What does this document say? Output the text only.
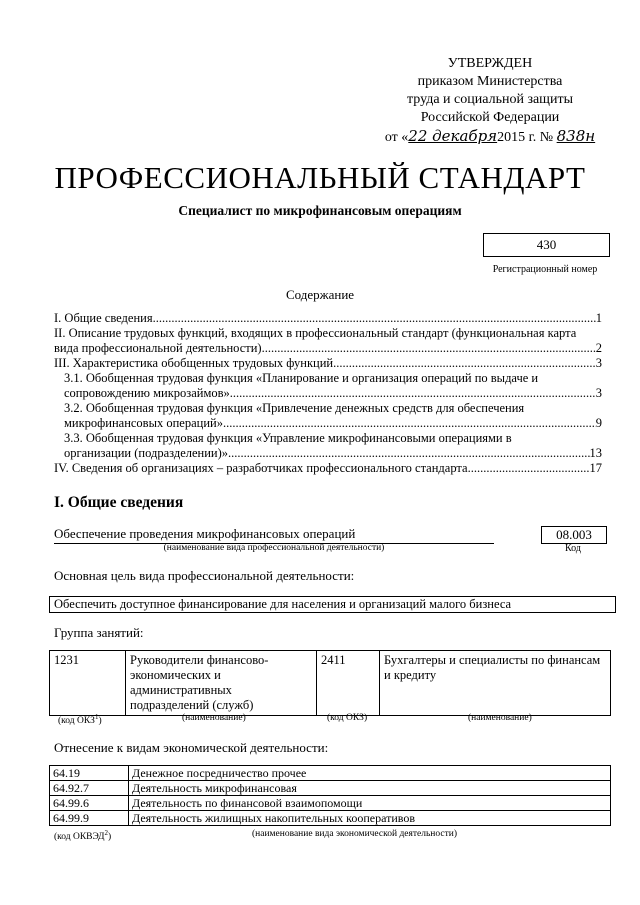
УТВЕРЖДЕН
приказом Министерства
труда и социальной защиты
Российской Федерации
от «22 декабря2015 г. № 838н
ПРОФЕССИОНАЛЬНЫЙ СТАНДАРТ
Специалист по микрофинансовым операциям
430
Регистрационный номер
Содержание
I. Общие сведения .....	1
II. Описание трудовых функций, входящих в профессиональный стандарт (функциональная карта
вида профессиональной деятельности) .....	2
III. Характеристика обобщенных трудовых функций .....	3
3.1. Обобщенная трудовая функция «Планирование и организация операций по выдаче и
сопровождению микрозаймов» .....	3
3.2. Обобщенная трудовая функция «Привлечение денежных средств для обеспечения
микрофинансовых операций» .....	9
3.3. Обобщенная трудовая функция «Управление микрофинансовыми операциями в
организации (подразделении)» .....	13
IV. Сведения об организациях – разработчиках профессионального стандарта .....	17
I. Общие сведения
Обеспечение проведения микрофинансовых операций
(наименование вида профессиональной деятельности)
08.003
Код
Основная цель вида профессиональной деятельности:
Обеспечить доступное финансирование для населения и организаций малого бизнеса
Группа занятий:
1231	Руководители финансово-экономических и административных подразделений (служб)	2411	Бухгалтеры и специалисты по финансам и кредиту
(код ОКЗ$^1$)	(наименование)	(код ОКЗ)	(наименование)
Отнесение к видам экономической деятельности:
64.19	Денежное посредничество прочее
64.92.7	Деятельность микрофинансовая
64.99.6	Деятельность по финансовой взаимопомощи
64.99.9	Деятельность жилищных накопительных кооперативов
(код ОКВЭД$^2$)	(наименование вида экономической деятельности)
